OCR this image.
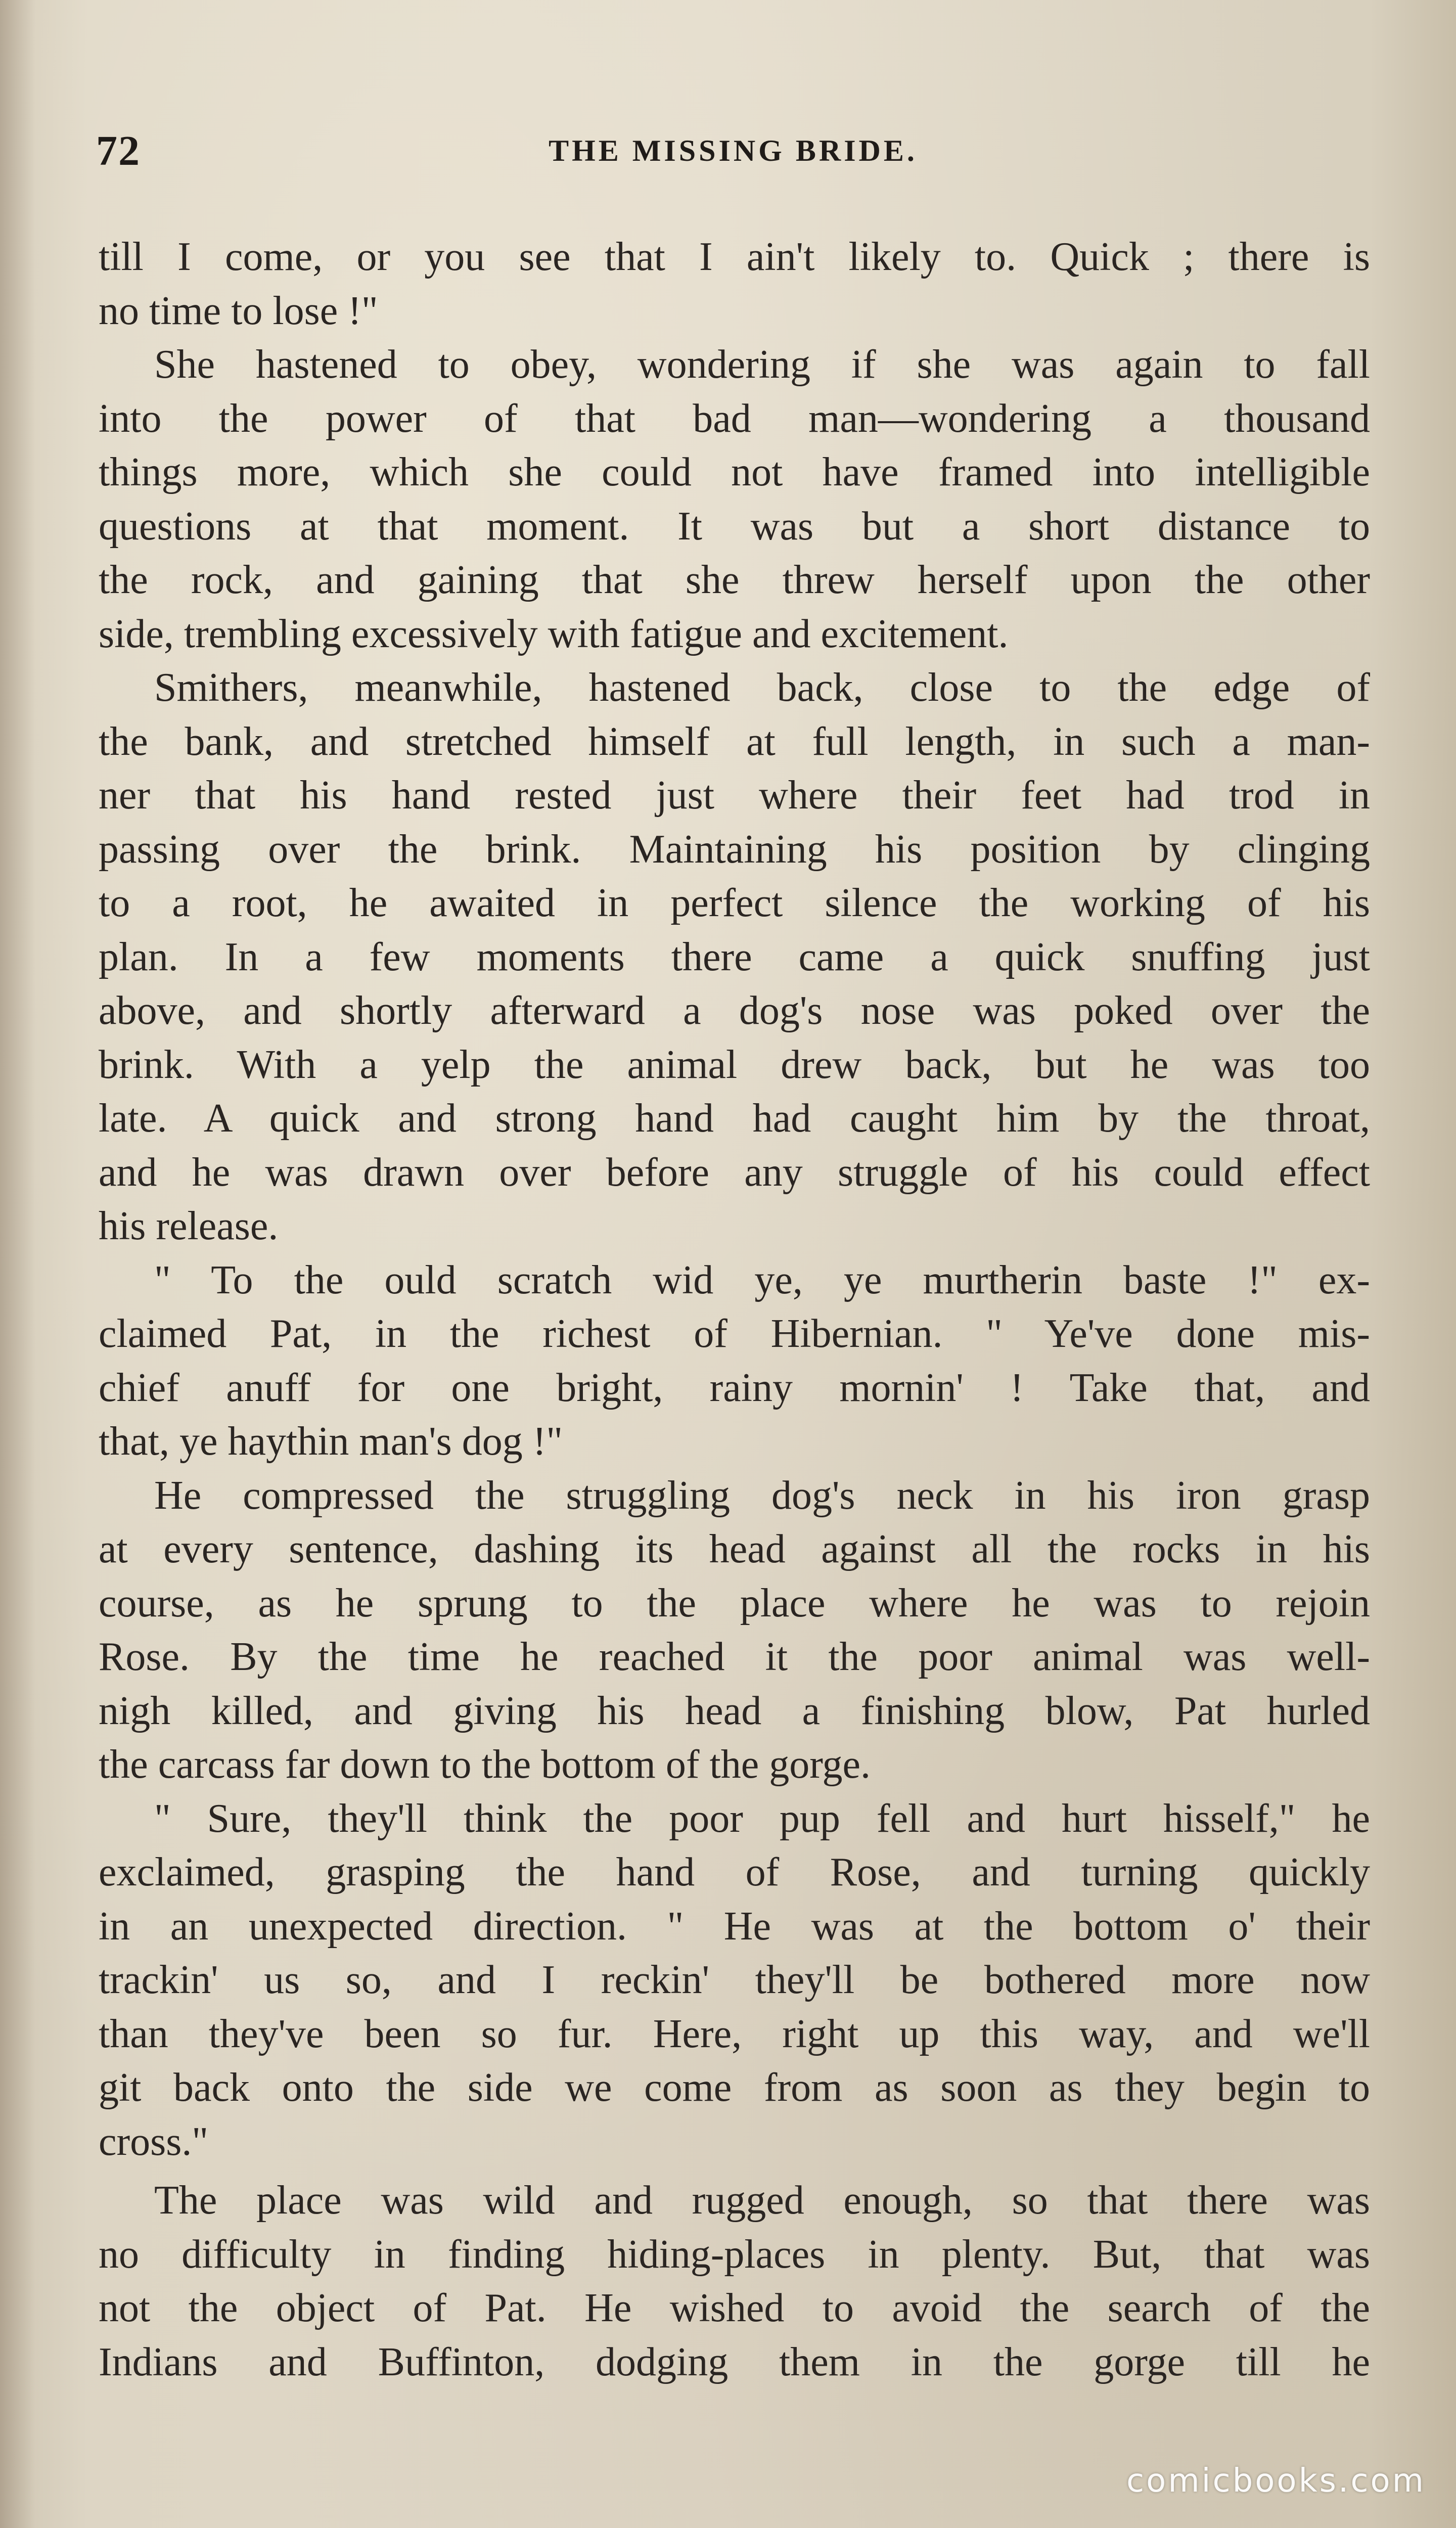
72	THE MISSING BRIDE.
till I come, or you see that I ain't likely to. Quick ; there is
no time to lose !"
She hastened to obey, wondering if she was again to fall
into the power of that bad man—wondering a thousand
things more, which she could not have framed into intelligible
questions at that moment. It was but a short distance to
the rock, and gaining that she threw herself upon the other
side, trembling excessively with fatigue and excitement.
Smithers, meanwhile, hastened back, close to the edge of
the bank, and stretched himself at full length, in such a man-
ner that his hand rested just where their feet had trod in
passing over the brink. Maintaining his position by clinging
to a root, he awaited in perfect silence the working of his
plan. In a few moments there came a quick snuffing just
above, and shortly afterward a dog's nose was poked over the
brink. With a yelp the animal drew back, but he was too
late. A quick and strong hand had caught him by the throat,
and he was drawn over before any struggle of his could effect
his release.
" To the ould scratch wid ye, ye murtherin baste !" ex-
claimed Pat, in the richest of Hibernian. " Ye've done mis-
chief anuff for one bright, rainy mornin' ! Take that, and
that, ye haythin man's dog !"
He compressed the struggling dog's neck in his iron grasp
at every sentence, dashing its head against all the rocks in his
course, as he sprung to the place where he was to rejoin
Rose. By the time he reached it the poor animal was well-
nigh killed, and giving his head a finishing blow, Pat hurled
the carcass far down to the bottom of the gorge.
" Sure, they'll think the poor pup fell and hurt hisself," he
exclaimed, grasping the hand of Rose, and turning quickly
in an unexpected direction. " He was at the bottom o' their
trackin' us so, and I reckin' they'll be bothered more now
than they've been so fur. Here, right up this way, and we'll
git back onto the side we come from as soon as they begin to
cross."
The place was wild and rugged enough, so that there was
no difficulty in finding hiding-places in plenty. But, that was
not the object of Pat. He wished to avoid the search of the
Indians and Buffinton, dodging them in the gorge till he
comicbooks.com
